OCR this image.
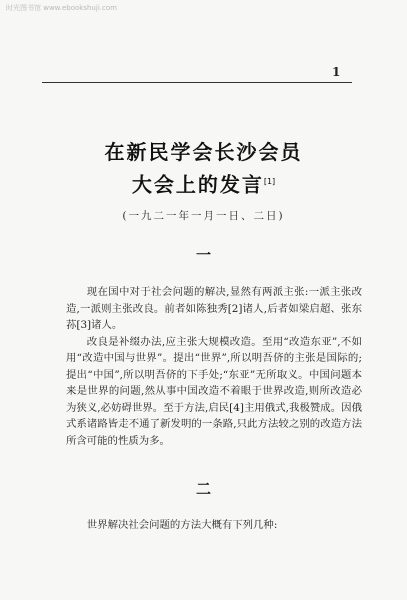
时光图书馆 www.ebookshuji.com
1
在新民学会长沙会员
大会上的发言[1]
(一九二一年一月一日、二日)
一

现在国中对于社会问题的解决,显然有两派主张:一派主张改造,一派则主张改良。前者如陈独秀[2]诸人,后者如梁启超、张东荪[3]诸人。

改良是补缀办法,应主张大规模改造。至用“改造东亚”,不如用“改造中国与世界”。提出“世界”,所以明吾侪的主张是国际的;提出“中国”,所以明吾侪的下手处;“东亚”无所取义。中国问题本来是世界的问题,然从事中国改造不着眼于世界改造,则所改造必为狭义,必妨碍世界。至于方法,启民[4]主用俄式,我极赞成。因俄式系诸路皆走不通了新发明的一条路,只此方法较之别的改造方法所含可能的性质为多。

二
世界解决社会问题的方法大概有下列几种:
